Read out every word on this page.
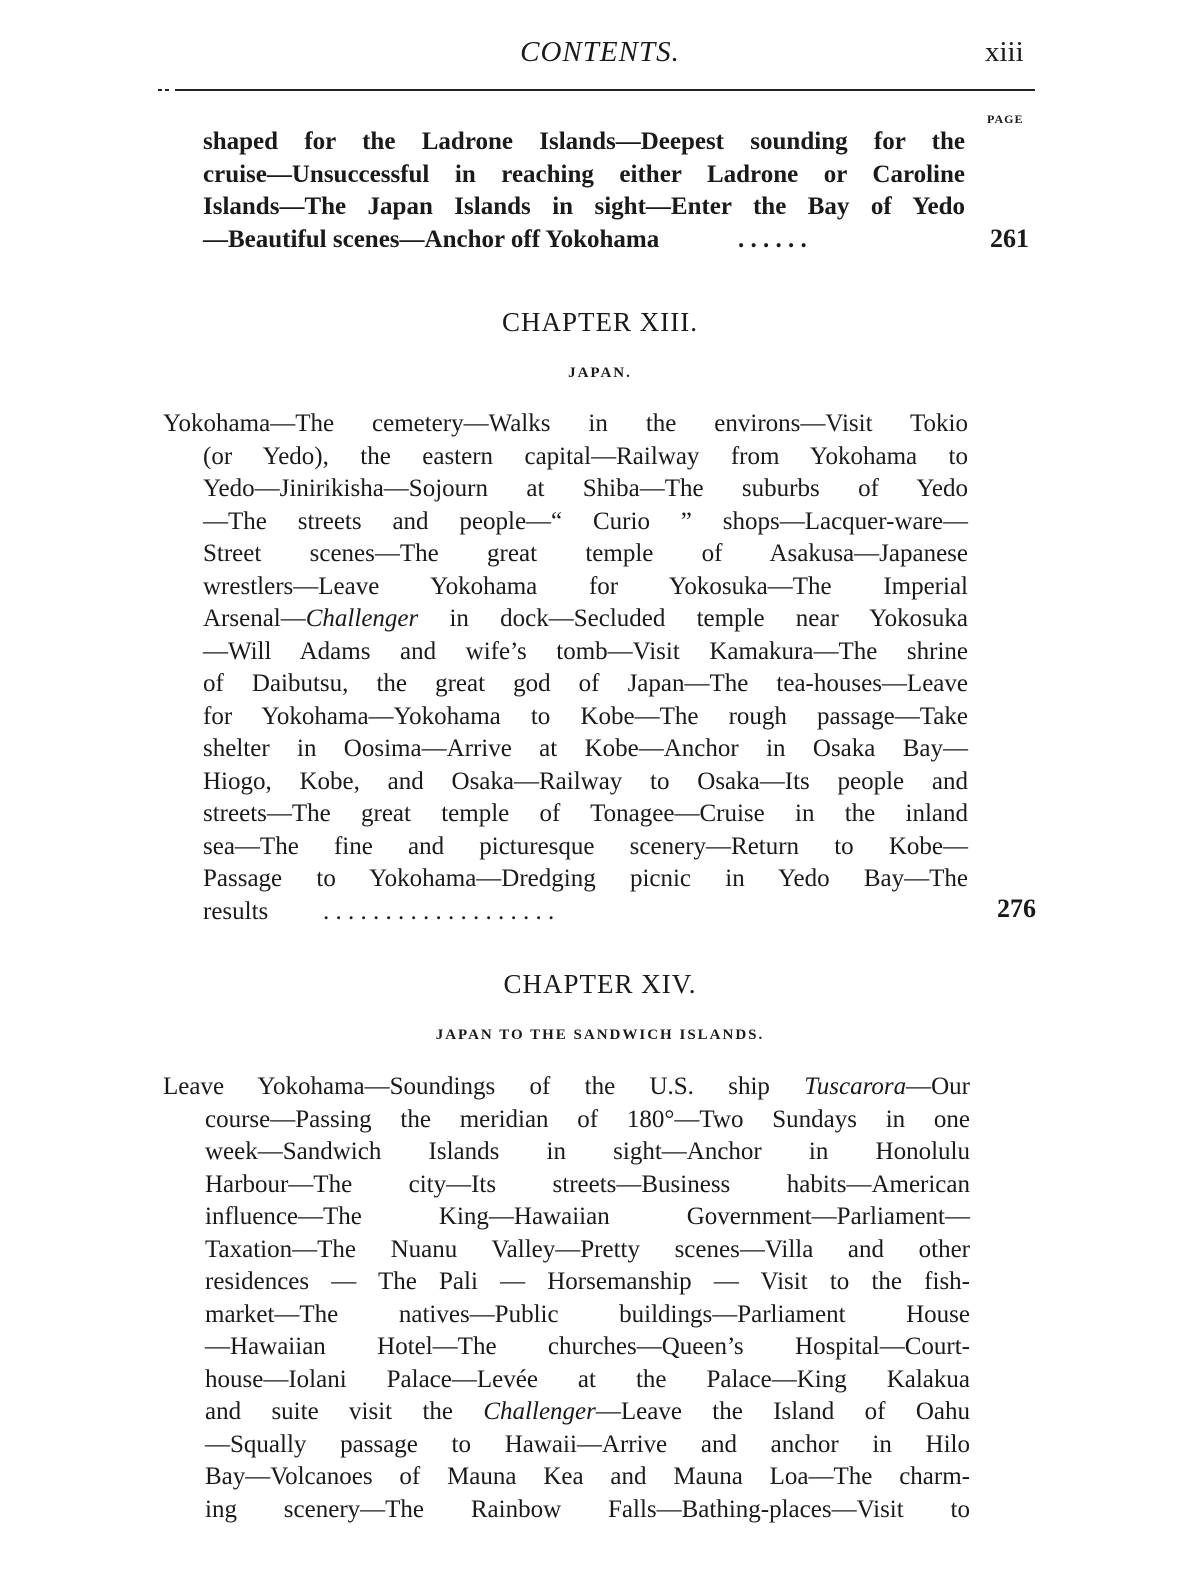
CONTENTS.	xiii
PAGE
shaped for the Ladrone Islands—Deepest sounding for the
cruise—Unsuccessful in reaching either Ladrone or Caroline
Islands—The Japan Islands in sight—Enter the Bay of Yedo
—Beautiful scenes—Anchor off Yokohama	. . . . . .	261
CHAPTER XIII.
JAPAN.
Yokohama—The cemetery—Walks in the environs—Visit Tokio
(or Yedo), the eastern capital—Railway from Yokohama to
Yedo—Jinirikisha—Sojourn at Shiba—The suburbs of Yedo
—The streets and people—“ Curio ” shops—Lacquer-ware—
Street scenes—The great temple of Asakusa—Japanese
wrestlers—Leave Yokohama for Yokosuka—The Imperial
Arsenal—Challenger in dock—Secluded temple near Yokosuka
—Will Adams and wife’s tomb—Visit Kamakura—The shrine
of Daibutsu, the great god of Japan—The tea-houses—Leave
for Yokohama—Yokohama to Kobe—The rough passage—Take
shelter in Oosima—Arrive at Kobe—Anchor in Osaka Bay—
Hiogo, Kobe, and Osaka—Railway to Osaka—Its people and
streets—The great temple of Tonagee—Cruise in the inland
sea—The fine and picturesque scenery—Return to Kobe—
Passage to Yokohama—Dredging picnic in Yedo Bay—The
results	. . . . . . . . . . . . . . . . . . .	276
CHAPTER XIV.
JAPAN TO THE SANDWICH ISLANDS.
Leave Yokohama—Soundings of the U.S. ship Tuscarora—Our
course—Passing the meridian of 180°—Two Sundays in one
week—Sandwich Islands in sight—Anchor in Honolulu
Harbour—The city—Its streets—Business habits—American
influence—The King—Hawaiian Government—Parliament—
Taxation—The Nuanu Valley—Pretty scenes—Villa and other
residences — The Pali — Horsemanship — Visit to the fish-
market—The natives—Public buildings—Parliament House
—Hawaiian Hotel—The churches—Queen’s Hospital—Court-
house—Iolani Palace—Levée at the Palace—King Kalakua
and suite visit the Challenger—Leave the Island of Oahu
—Squally passage to Hawaii—Arrive and anchor in Hilo
Bay—Volcanoes of Mauna Kea and Mauna Loa—The charm-
ing scenery—The Rainbow Falls—Bathing-places—Visit to
